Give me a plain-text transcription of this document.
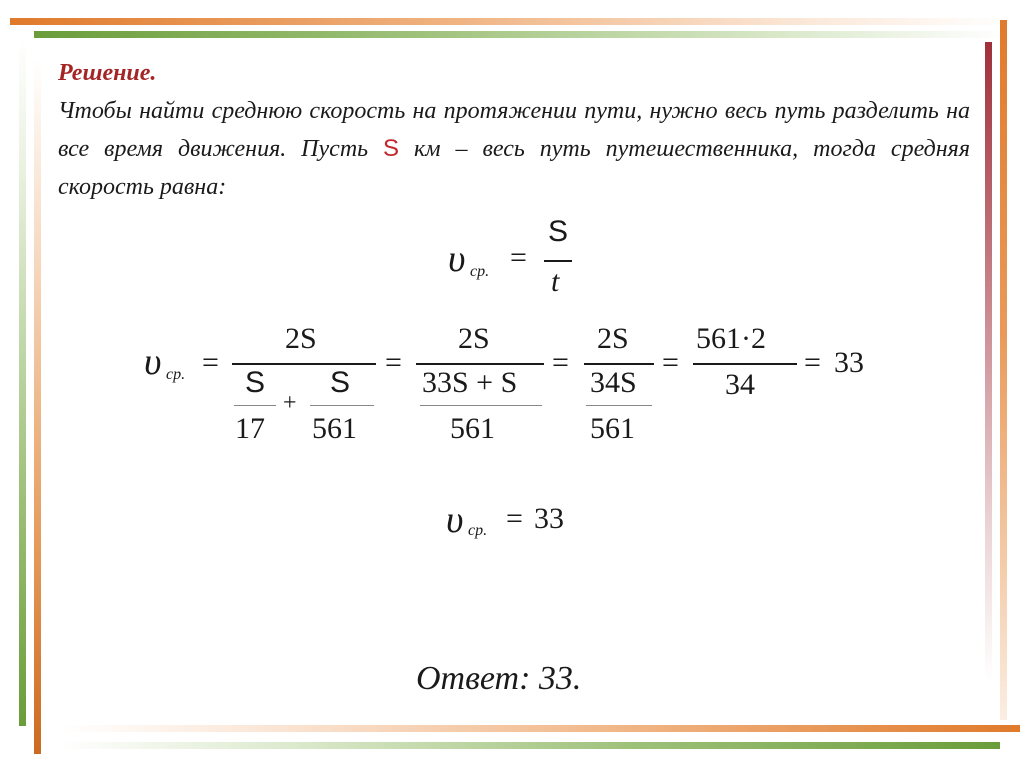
Решение.
Чтобы найти среднюю скорость на протяжении пути, нужно весь путь разделить на все время движения. Пусть S км – весь путь путешественника, тогда средняя скорость равна:
υ ср. =
S
t
υ ср. =
2S
S
17
+
S
561
=
2S
33S + S
561
=
2S
34S
561
=
561·2
34
= 33
υ ср. = 33
Ответ: 33.
